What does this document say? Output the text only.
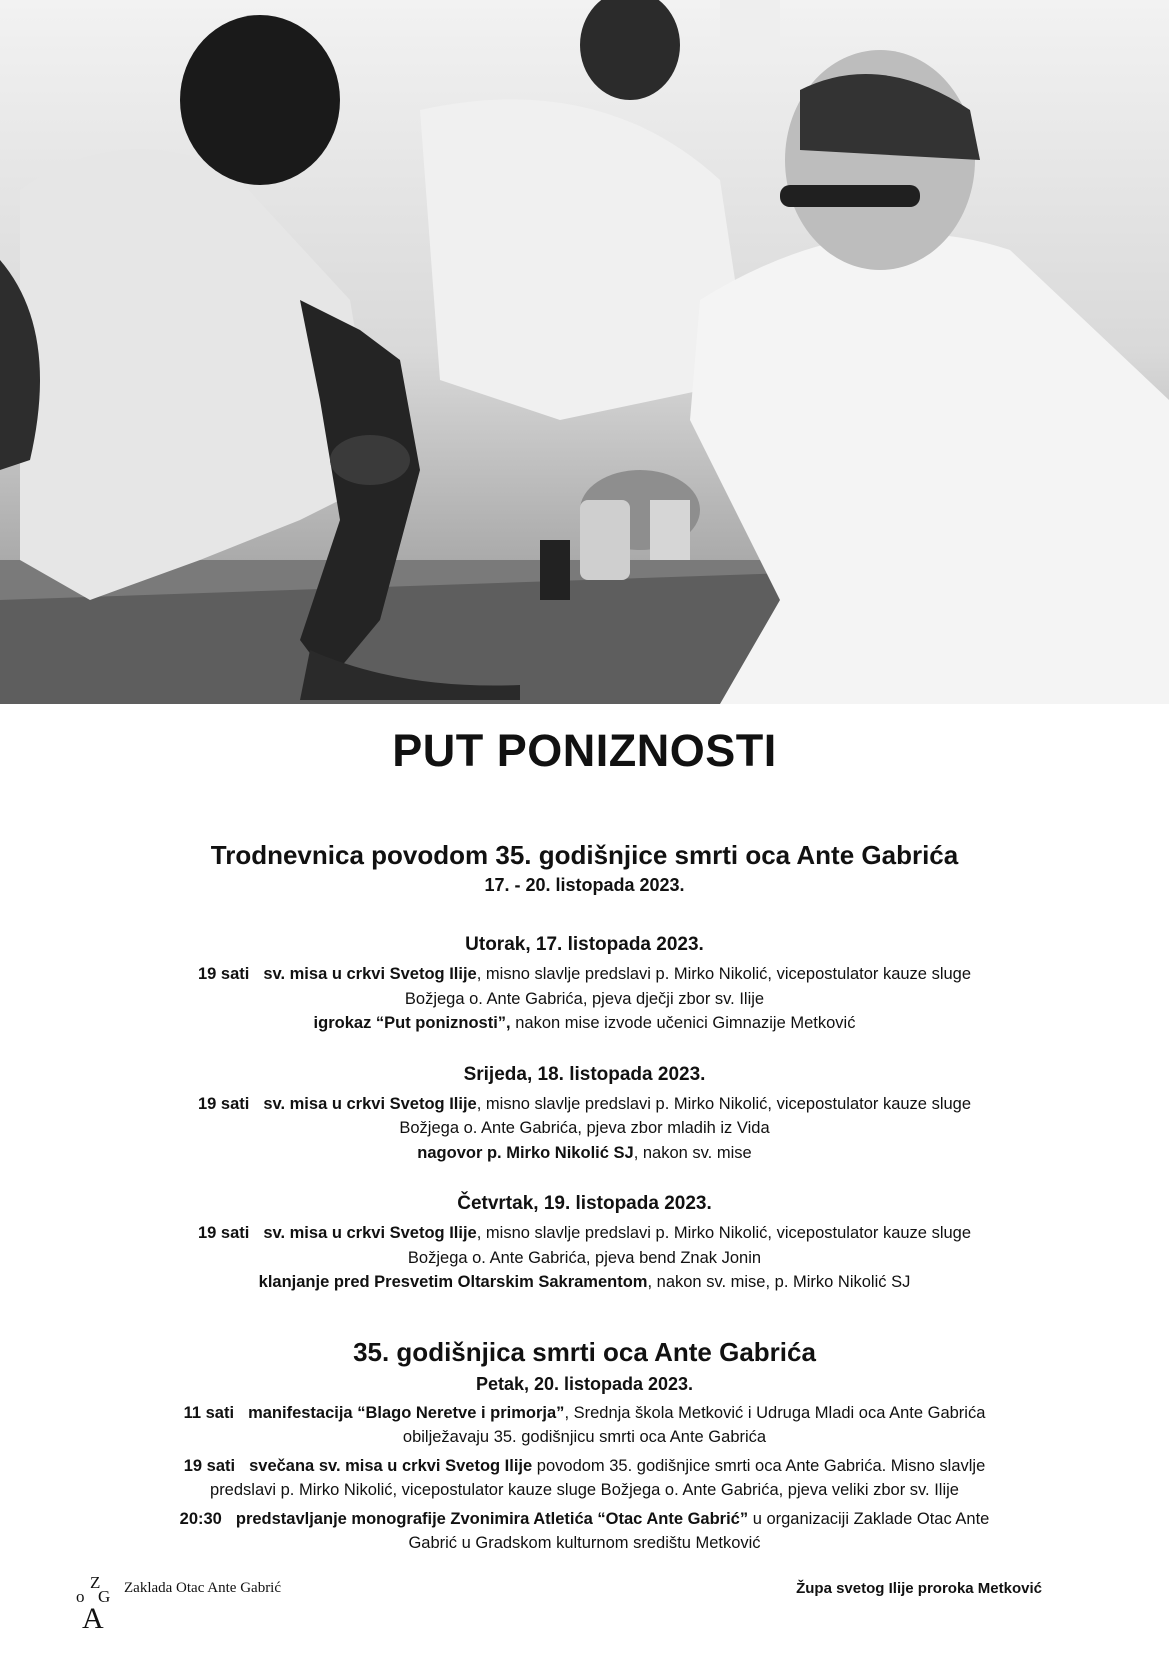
PUT PONIZNOSTI
Trodnevnica povodom 35. godišnjice smrti oca Ante Gabrića
17. - 20. listopada 2023.
Utorak, 17. listopada 2023.
19 sati sv. misa u crkvi Svetog Ilije, misno slavlje predslavi p. Mirko Nikolić, vicepostulator kauze sluge
Božjega o. Ante Gabrića, pjeva dječji zbor sv. Ilije
igrokaz “Put poniznosti”, nakon mise izvode učenici Gimnazije Metković
Srijeda, 18. listopada 2023.
19 sati sv. misa u crkvi Svetog Ilije, misno slavlje predslavi p. Mirko Nikolić, vicepostulator kauze sluge
Božjega o. Ante Gabrića, pjeva zbor mladih iz Vida
nagovor p. Mirko Nikolić SJ, nakon sv. mise
Četvrtak, 19. listopada 2023.
19 sati sv. misa u crkvi Svetog Ilije, misno slavlje predslavi p. Mirko Nikolić, vicepostulator kauze sluge
Božjega o. Ante Gabrića, pjeva bend Znak Jonin
klanjanje pred Presvetim Oltarskim Sakramentom, nakon sv. mise, p. Mirko Nikolić SJ
35. godišnjica smrti oca Ante Gabrića
Petak, 20. listopada 2023.
11 sati manifestacija “Blago Neretve i primorja”, Srednja škola Metković i Udruga Mladi oca Ante Gabrića
obilježavaju 35. godišnjicu smrti oca Ante Gabrića
19 sati svečana sv. misa u crkvi Svetog Ilije povodom 35. godišnjice smrti oca Ante Gabrića. Misno slavlje
predslavi p. Mirko Nikolić, vicepostulator kauze sluge Božjega o. Ante Gabrića, pjeva veliki zbor sv. Ilije
20:30 predstavljanje monografije Zvonimira Atletića “Otac Ante Gabrić” u organizaciji Zaklade Otac Ante
Gabrić u Gradskom kulturnom središtu Metković
Z
o G
A
Zaklada Otac Ante Gabrić	Župa svetog Ilije proroka Metković
